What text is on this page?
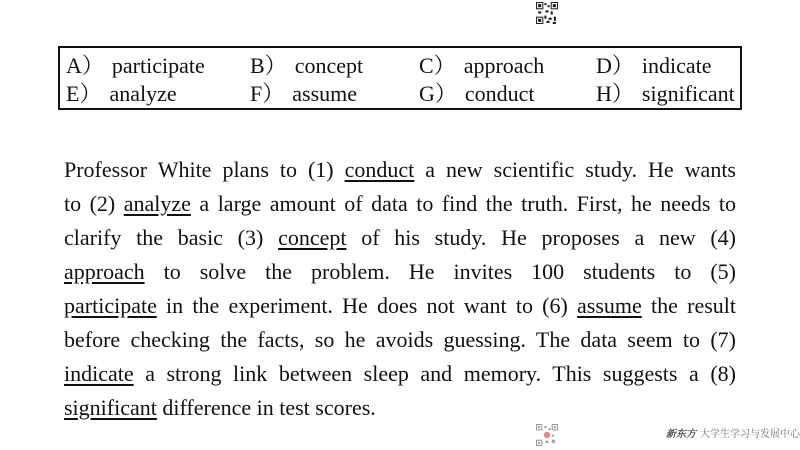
A） participate B） concept	C） approach D） indicate
E） analyze	F） assume	G） conduct	H） significant
Professor White plans to (1) conduct a new scientific study. He wants
to (2) analyze a large amount of data to find the truth. First, he needs to
clarify the basic (3) concept of his study. He proposes a new (4)
approach to solve the problem. He invites 100 students to (5)
participate in the experiment. He does not want to (6) assume the result
before checking the facts, so he avoids guessing. The data seem to (7)
indicate a strong link between sleep and memory. This suggests a (8)
significant difference in test scores.
新东方 大学生学习与发展中心
